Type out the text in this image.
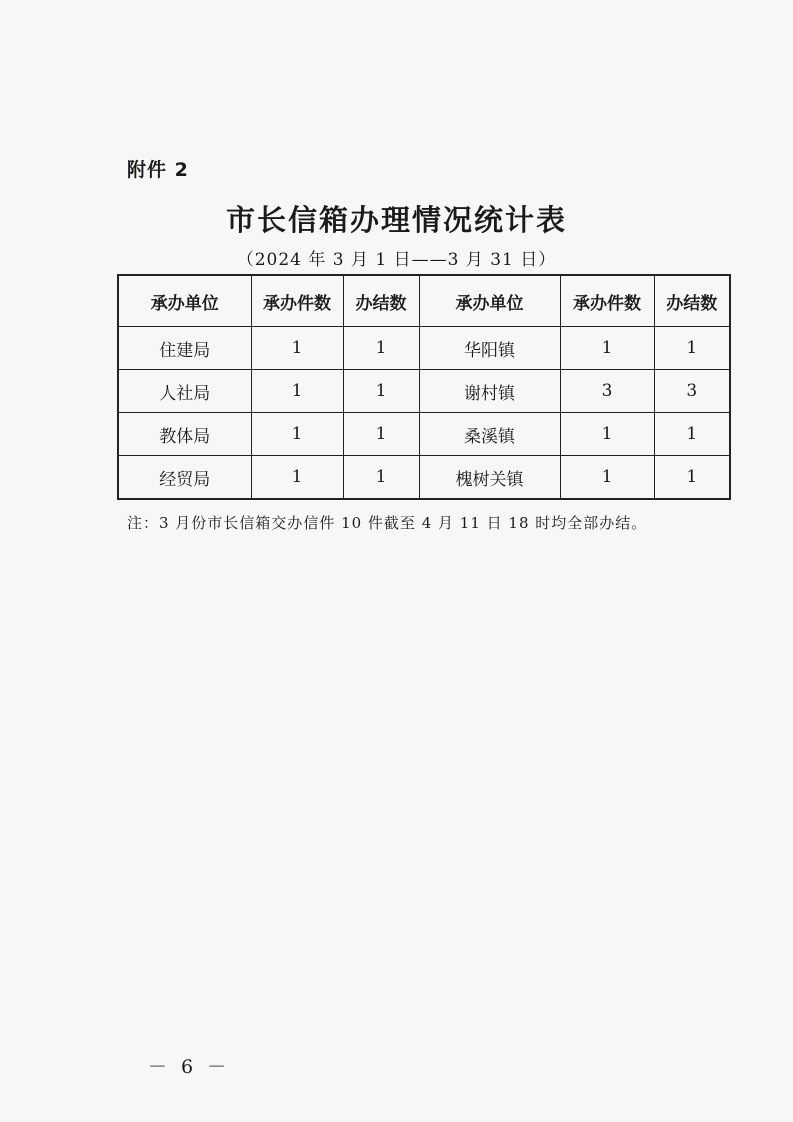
附件 2
市长信箱办理情况统计表
（2024 年 3 月 1 日——3 月 31 日）
承办单位	承办件数	办结数	承办单位	承办件数	办结数
住建局	1	1	华阳镇	1	1
人社局	1	1	谢村镇	3	3
教体局	1	1	桑溪镇	1	1
经贸局	1	1	槐树关镇	1	1
注：3 月份市长信箱交办信件 10 件截至 4 月 11 日 18 时均全部办结。
－ 6 －
